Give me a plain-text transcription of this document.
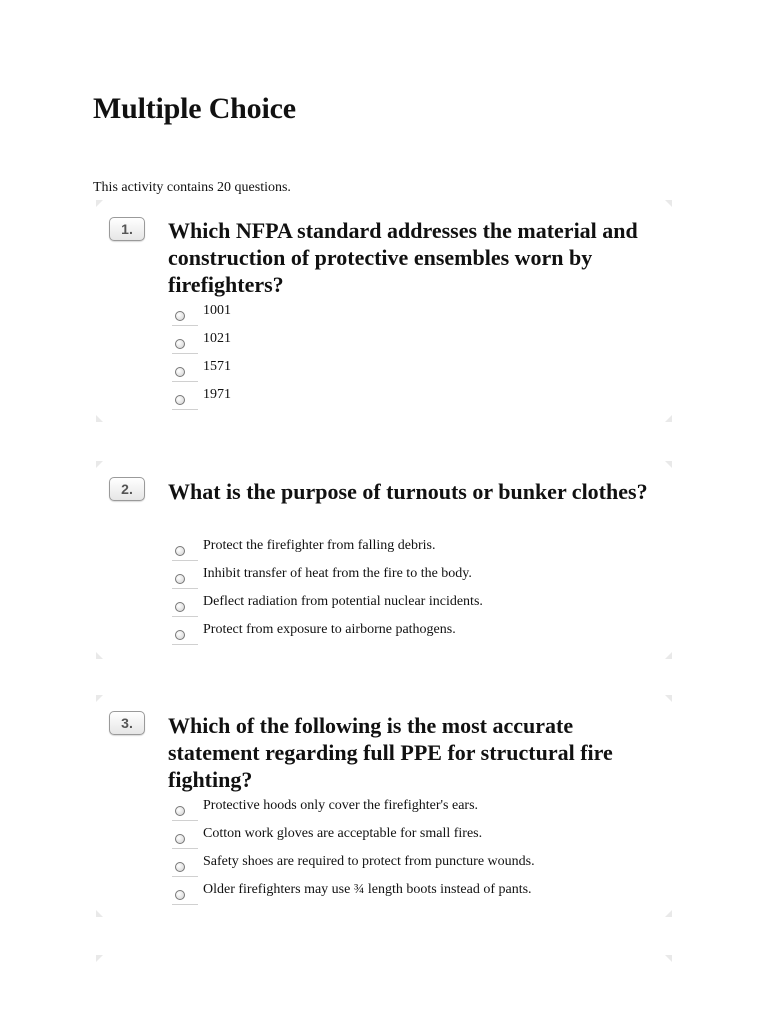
Multiple Choice

This activity contains 20 questions.

1.	Which NFPA standard addresses the material and construction of protective ensembles worn by firefighters?
1001
1021
1571
1971
2.	What is the purpose of turnouts or bunker clothes?
Protect the firefighter from falling debris.
Inhibit transfer of heat from the fire to the body.
Deflect radiation from potential nuclear incidents.
Protect from exposure to airborne pathogens.
3.	Which of the following is the most accurate statement regarding full PPE for structural fire fighting?
Protective hoods only cover the firefighter's ears.
Cotton work gloves are acceptable for small fires.
Safety shoes are required to protect from puncture wounds.
Older firefighters may use ¾ length boots instead of pants.
